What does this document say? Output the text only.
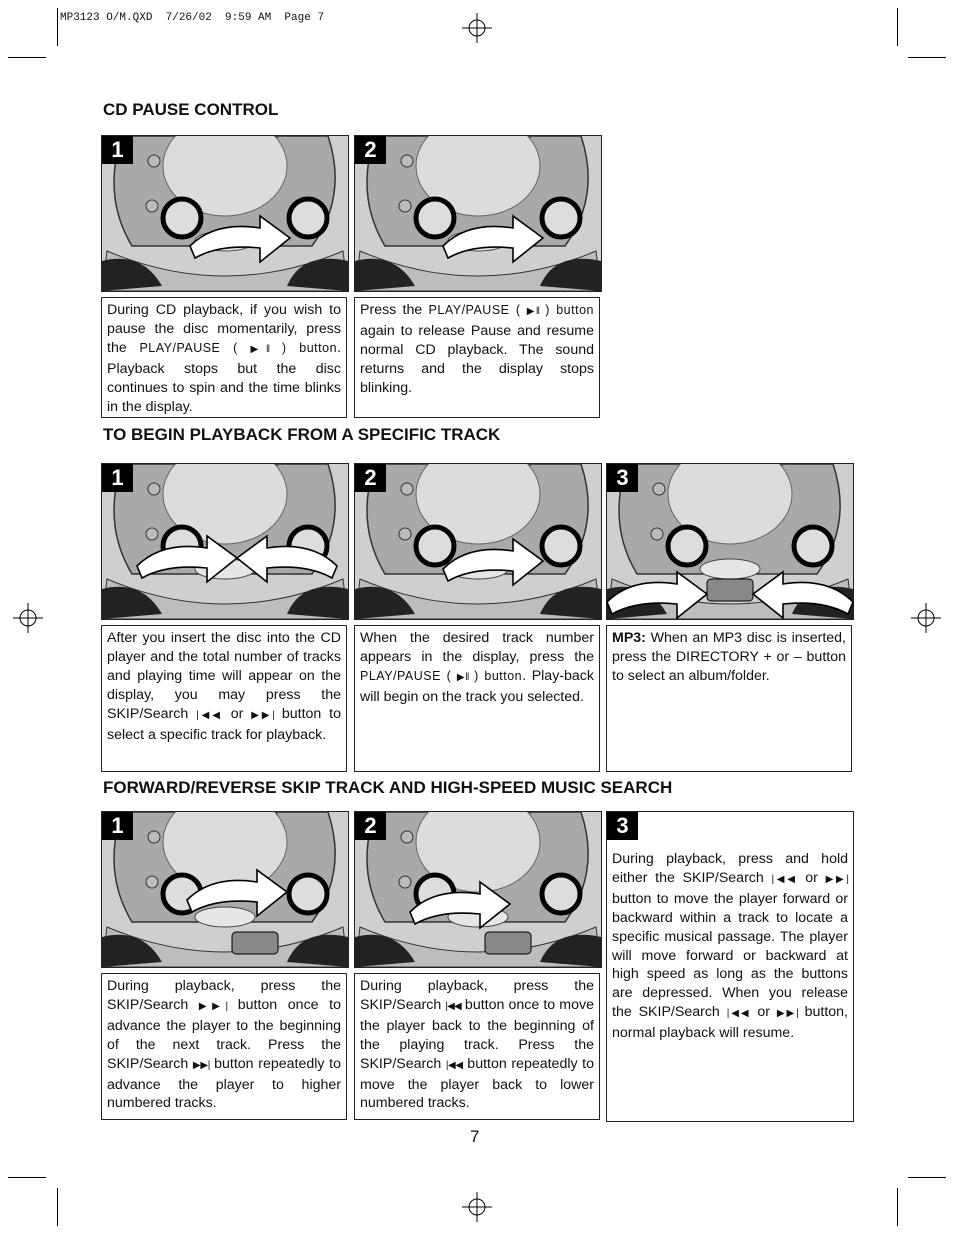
MP3123 O/M.QXD  7/26/02  9:59 AM  Page 7
CD PAUSE CONTROL
1	2
During CD playback, if you wish to pause the disc momentarily, press the PLAY/PAUSE ( ▶ǁ ) button. Playback stops but the disc continues to spin and the time blinks in the display.
Press the PLAY/PAUSE ( ▶ǁ ) button again to release Pause and resume normal CD playback. The sound returns and the display stops blinking.
TO BEGIN PLAYBACK FROM A SPECIFIC TRACK
1	2	3
After you insert the disc into the CD player and the total number of tracks and playing time will appear on the display, you may press the SKIP/Search |◀◀ or ▶▶| button to select a specific track for playback.
When the desired track number appears in the display, press the PLAY/PAUSE ( ▶ǁ ) button. Play-back will begin on the track you selected.
MP3: When an MP3 disc is inserted, press the DIRECTORY + or – button to select an album/folder.
FORWARD/REVERSE SKIP TRACK AND HIGH-SPEED MUSIC SEARCH
1	2	3
During playback, press and hold either the SKIP/Search |◀◀ or ▶▶| button to move the player forward or backward within a track to locate a specific musical passage. The player will move forward or backward at high speed as long as the buttons are depressed. When you release the SKIP/Search |◀◀ or ▶▶| button, normal playback will resume.
During playback, press the SKIP/Search ▶▶| button once to advance the player to the beginning of the next track. Press the SKIP/Search ▶▶| button repeatedly to advance the player to higher numbered tracks.
During playback, press the SKIP/Search |◀◀ button once to move the player back to the beginning of the playing track. Press the SKIP/Search |◀◀ button repeatedly to move the player back to lower numbered tracks.
7
